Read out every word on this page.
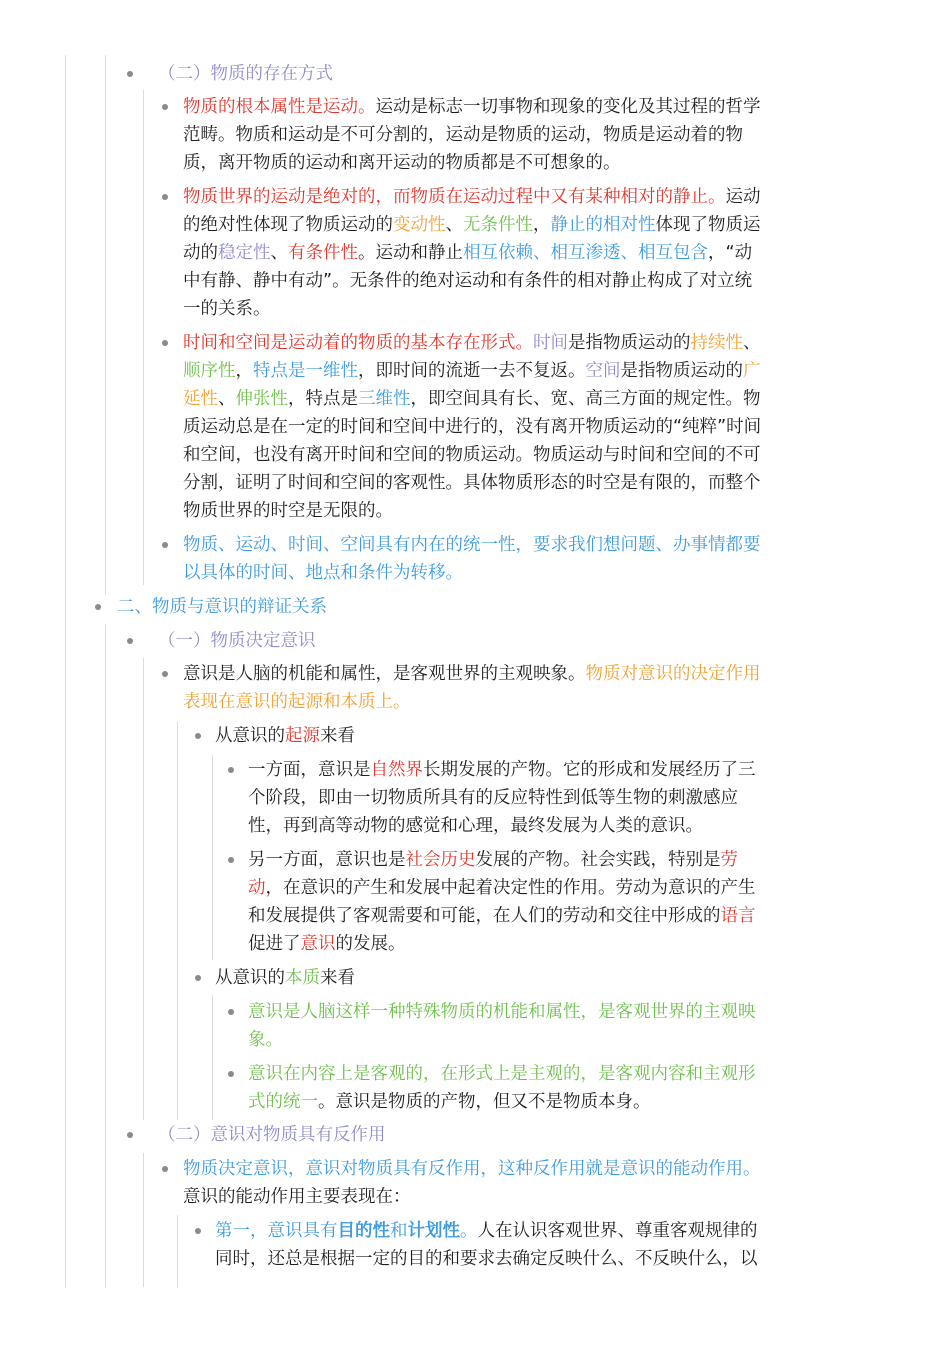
（二）物质的存在方式
物质的根本属性是运动。运动是标志一切事物和现象的变化及其过程的哲学
范畴。物质和运动是不可分割的，运动是物质的运动，物质是运动着的物
质，离开物质的运动和离开运动的物质都是不可想象的。
物质世界的运动是绝对的，而物质在运动过程中又有某种相对的静止。运动
的绝对性体现了物质运动的变动性、无条件性，静止的相对性体现了物质运
动的稳定性、有条件性。运动和静止相互依赖、相互渗透、相互包含，“动
中有静、静中有动”。无条件的绝对运动和有条件的相对静止构成了对立统
一的关系。
时间和空间是运动着的物质的基本存在形式。时间是指物质运动的持续性、
顺序性，特点是一维性，即时间的流逝一去不复返。空间是指物质运动的广
延性、伸张性，特点是三维性，即空间具有长、宽、高三方面的规定性。物
质运动总是在一定的时间和空间中进行的，没有离开物质运动的“纯粹”时间
和空间，也没有离开时间和空间的物质运动。物质运动与时间和空间的不可
分割，证明了时间和空间的客观性。具体物质形态的时空是有限的，而整个
物质世界的时空是无限的。
物质、运动、时间、空间具有内在的统一性，要求我们想问题、办事情都要
以具体的时间、地点和条件为转移。
二、物质与意识的辩证关系
（一）物质决定意识
意识是人脑的机能和属性，是客观世界的主观映象。物质对意识的决定作用
表现在意识的起源和本质上。
从意识的起源来看
一方面，意识是自然界长期发展的产物。它的形成和发展经历了三
个阶段，即由一切物质所具有的反应特性到低等生物的刺激感应
性，再到高等动物的感觉和心理，最终发展为人类的意识。
另一方面，意识也是社会历史发展的产物。社会实践，特别是劳
动，在意识的产生和发展中起着决定性的作用。劳动为意识的产生
和发展提供了客观需要和可能，在人们的劳动和交往中形成的语言
促进了意识的发展。
从意识的本质来看
意识是人脑这样一种特殊物质的机能和属性，是客观世界的主观映
象。
意识在内容上是客观的，在形式上是主观的，是客观内容和主观形
式的统一。意识是物质的产物，但又不是物质本身。
（二）意识对物质具有反作用
物质决定意识，意识对物质具有反作用，这种反作用就是意识的能动作用。
意识的能动作用主要表现在：
第一，意识具有目的性和计划性。人在认识客观世界、尊重客观规律的
同时，还总是根据一定的目的和要求去确定反映什么、不反映什么，以
